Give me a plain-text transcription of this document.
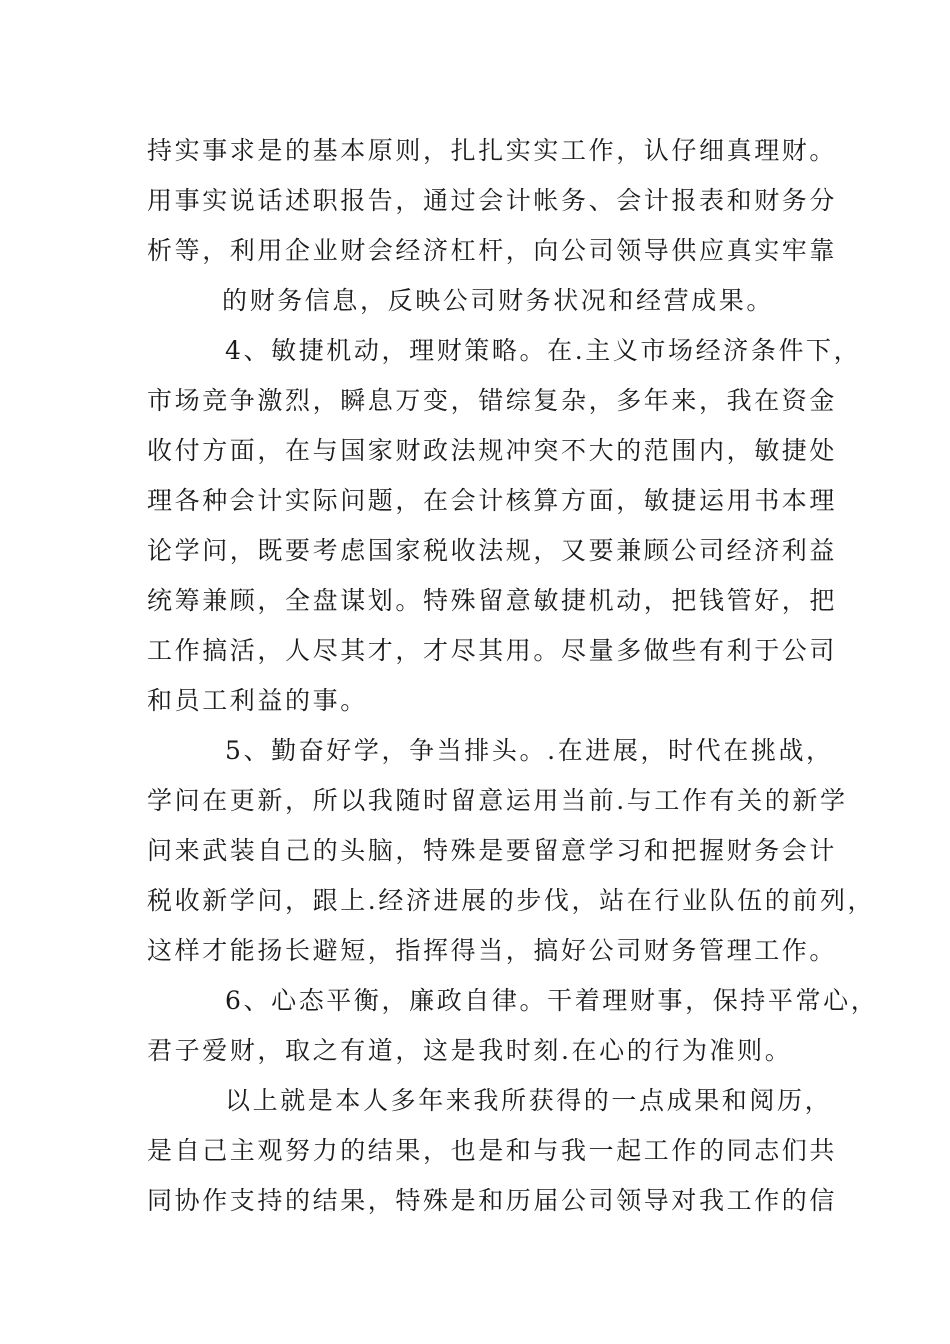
持实事求是的基本原则，扎扎实实工作，认仔细真理财。
用事实说话述职报告，通过会计帐务、会计报表和财务分
析等，利用企业财会经济杠杆，向公司领导供应真实牢靠
的财务信息，反映公司财务状况和经营成果。
4、敏捷机动，理财策略。在.主义市场经济条件下，
市场竞争激烈，瞬息万变，错综复杂，多年来，我在资金
收付方面，在与国家财政法规冲突不大的范围内，敏捷处
理各种会计实际问题，在会计核算方面，敏捷运用书本理
论学问，既要考虑国家税收法规，又要兼顾公司经济利益
统筹兼顾，全盘谋划。特殊留意敏捷机动，把钱管好，把
工作搞活，人尽其才，才尽其用。尽量多做些有利于公司
和员工利益的事。
5、勤奋好学，争当排头。.在进展，时代在挑战，
学问在更新，所以我随时留意运用当前.与工作有关的新学
问来武装自己的头脑，特殊是要留意学习和把握财务会计
税收新学问，跟上.经济进展的步伐，站在行业队伍的前列，
这样才能扬长避短，指挥得当，搞好公司财务管理工作。
6、心态平衡，廉政自律。干着理财事，保持平常心，
君子爱财，取之有道，这是我时刻.在心的行为准则。
以上就是本人多年来我所获得的一点成果和阅历，
是自己主观努力的结果，也是和与我一起工作的同志们共
同协作支持的结果，特殊是和历届公司领导对我工作的信
